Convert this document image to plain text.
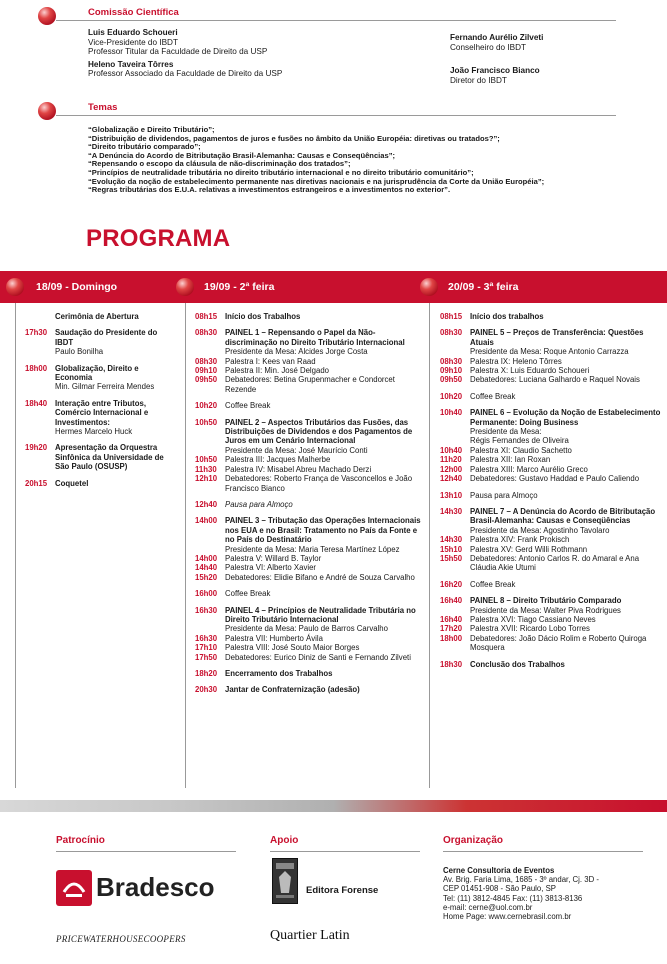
Comissão Científica
Luis Eduardo Schoueri
Vice-Presidente do IBDT
Professor Titular da Faculdade de Direito da USP
Heleno Taveira Tôrres
Professor Associado da Faculdade de Direito da USP
Fernando Aurélio Zilveti
Conselheiro do IBDT
João Francisco Bianco
Diretor do IBDT
Temas
“Globalização e Direito Tributário”;
“Distribuição de dividendos, pagamentos de juros e fusões no âmbito da União Européia: diretivas ou tratados?”;
“Direito tributário comparado”;
“A Denúncia do Acordo de Bitributação Brasil-Alemanha: Causas e Conseqüências”;
“Repensando o escopo da cláusula de não-discriminação dos tratados”;
“Princípios de neutralidade tributária no direito tributário internacional e no direito tributário comunitário”;
“Evolução da noção de estabelecimento permanente nas diretivas nacionais e na jurisprudência da Corte da União Européia”;
“Regras tributárias dos E.U.A. relativas a investimentos estrangeiros e a investimentos no exterior”.
PROGRAMA
18/09 - Domingo	19/09 - 2ª feira	20/09 - 3ª feira
Cerimônia de Abertura
17h30	Saudação do Presidente do IBDT
Paulo Bonilha
18h00	Globalização, Direito e Economia
Min. Gilmar Ferreira Mendes
18h40	Interação entre Tributos, Comércio Internacional e Investimentos:
Hermes Marcelo Huck
19h20	Apresentação da Orquestra Sinfônica da Universidade de São Paulo (OSUSP)
20h15	Coquetel
08h15	Início dos Trabalhos
08h30	PAINEL 1 – Repensando o Papel da Não-discriminação no Direito Tributário Internacional
Presidente da Mesa: Alcides Jorge Costa
08h30	Palestra I: Kees van Raad
09h10	Palestra II: Min. José Delgado
09h50	Debatedores: Betina Grupenmacher e Condorcet Rezende
10h20	Coffee Break
10h50	PAINEL 2 – Aspectos Tributários das Fusões, das Distribuições de Dividendos e dos Pagamentos de Juros em um Cenário Internacional
Presidente da Mesa: José Maurício Conti
10h50	Palestra III: Jacques Malherbe
11h30	Palestra IV: Misabel Abreu Machado Derzi
12h10	Debatedores: Roberto França de Vasconcellos e João Francisco Bianco
12h40	Pausa para Almoço
14h00	PAINEL 3 – Tributação das Operações Internacionais nos EUA e no Brasil: Tratamento no País da Fonte e no País do Destinatário
Presidente da Mesa: Maria Teresa Martínez López
14h00	Palestra V: Willard B. Taylor
14h40	Palestra VI: Alberto Xavier
15h20	Debatedores: Elidie Bifano e André de Souza Carvalho
16h00	Coffee Break
16h30	PAINEL 4 – Princípios de Neutralidade Tributária no Direito Tributário Internacional
Presidente da Mesa: Paulo de Barros Carvalho
16h30	Palestra VII: Humberto Ávila
17h10	Palestra VIII: José Souto Maior Borges
17h50	Debatedores: Eurico Diniz de Santi e Fernando Zilveti
18h20	Encerramento dos Trabalhos
20h30	Jantar de Confraternização (adesão)
08h15	Início dos trabalhos
08h30	PAINEL 5 – Preços de Transferência: Questões Atuais
Presidente da Mesa: Roque Antonio Carrazza
08h30	Palestra IX: Heleno Tôrres
09h10	Palestra X: Luis Eduardo Schoueri
09h50	Debatedores: Luciana Galhardo e Raquel Novais
10h20	Coffee Break
10h40	PAINEL 6 – Evolução da Noção de Estabelecimento Permanente: Doing Business
Presidente da Mesa:
Régis Fernandes de Oliveira
10h40	Palestra XI: Claudio Sachetto
11h20	Palestra XII: Ian Roxan
12h00	Palestra XIII: Marco Aurélio Greco
12h40	Debatedores: Gustavo Haddad e Paulo Caliendo
13h10	Pausa para Almoço
14h30	PAINEL 7 – A Denúncia do Acordo de Bitributação Brasil-Alemanha: Causas e Conseqüências
Presidente da Mesa: Agostinho Tavolaro
14h30	Palestra XIV: Frank Prokisch
15h10	Palestra XV: Gerd Willi Rothmann
15h50	Debatedores: Antonio Carlos R. do Amaral e Ana Cláudia Akie Utumi
16h20	Coffee Break
16h40	PAINEL 8 – Direito Tributário Comparado
Presidente da Mesa: Walter Piva Rodrigues
16h40	Palestra XVI: Tiago Cassiano Neves
17h20	Palestra XVII: Ricardo Lobo Torres
18h00	Debatedores: João Dácio Rolim e Roberto Quiroga Mosquera
18h30	Conclusão dos Trabalhos
Patrocínio
Bradesco
PRICEWATERHOUSECOOPERS
Apoio
Editora Forense
Quartier Latin
Organização
Cerne Consultoria de Eventos
Av. Brig. Faria Lima, 1685 - 3º andar, Cj. 3D -
CEP 01451-908 - São Paulo, SP
Tel: (11) 3812-4845 Fax: (11) 3813-8136
e-mail: cerne@uol.com.br
Home Page: www.cernebrasil.com.br
